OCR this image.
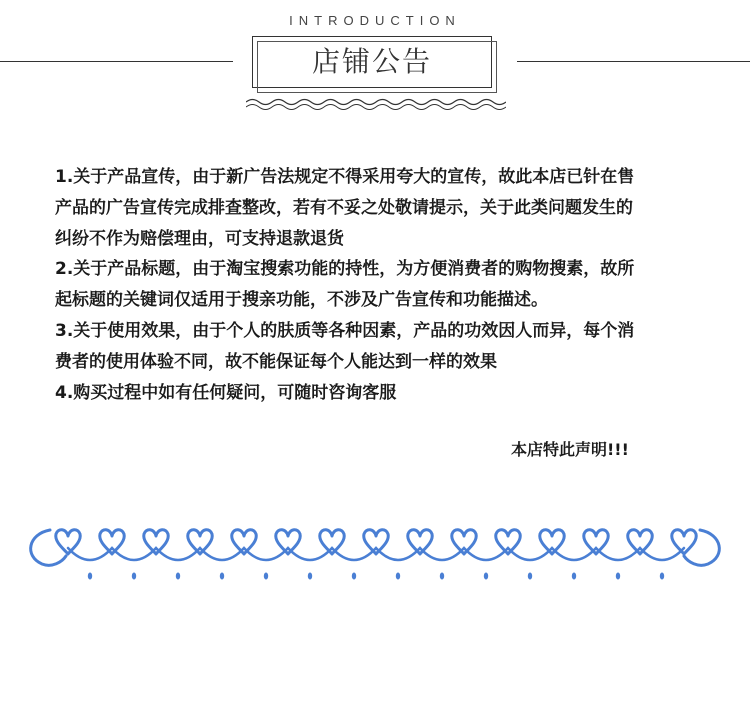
INTRODUCTION
店铺公告
1.关于产品宣传，由于新广告法规定不得采用夸大的宣传，故此本店已针在售
产品的广告宣传完成排查整改，若有不妥之处敬请提示，关于此类问题发生的
纠纷不作为赔偿理由，可支持退款退货
2.关于产品标题，由于淘宝搜索功能的持性，为方便消费者的购物搜素，故所
起标题的关键词仅适用于搜亲功能，不涉及广告宣传和功能描述。
3.关于使用效果，由于个人的肤质等各种因素，产品的功效因人而异，每个消
费者的使用体验不同，故不能保证每个人能达到一样的效果
4.购买过程中如有任何疑问，可随时咨询客服
本店特此声明!!!
